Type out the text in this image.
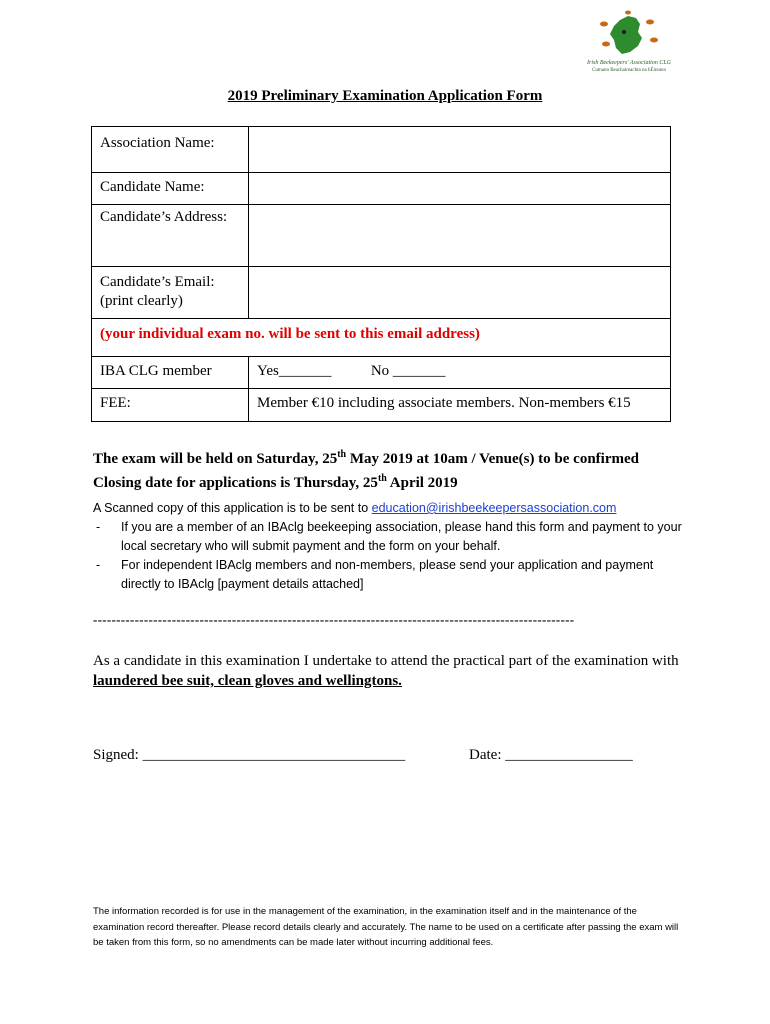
Irish Beekeepers' Association CLG
Cumann Beachaireachta na hÉireann
2019 Preliminary Examination Application Form
Association Name:	
Candidate Name:	
Candidate’s Address:	

Candidate’s Email:
(print clearly)	

(your individual exam no. will be sent to this email address)	
IBA CLG member	Yes_______ No _______
FEE:	Member €10 including associate members. Non-members €15
The exam will be held on Saturday, 25th May 2019 at 10am / Venue(s) to be confirmed
Closing date for applications is Thursday, 25th April 2019
A Scanned copy of this application is to be sent to education@irishbeekeepersassociation.com
- If you are a member of an IBAclg beekeeping association, please hand this form and payment to your local secretary who will submit payment and the form on your behalf.
- For independent IBAclg members and non-members, please send your application and payment directly to IBAclg [payment details attached]
--------------------------------------------------------------------------------------------------------
As a candidate in this examination I undertake to attend the practical part of the examination with laundered bee suit, clean gloves and wellingtons.
Signed: ___________________________________	Date: _________________
The information recorded is for use in the management of the examination, in the examination itself and in the maintenance of the examination record thereafter. Please record details clearly and accurately. The name to be used on a certificate after passing the exam will be taken from this form, so no amendments can be made later without incurring additional fees.
